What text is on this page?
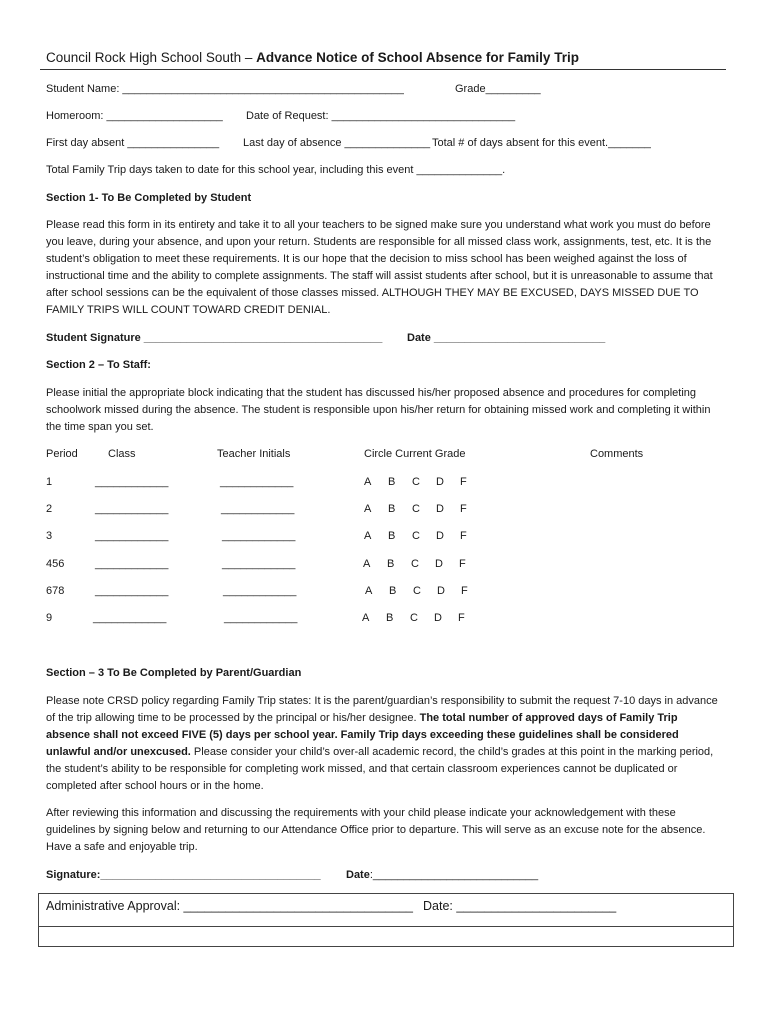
Council Rock High School South – Advance Notice of School Absence for Family Trip
Student Name: ______________________________________________	Grade_________
Homeroom: ___________________ Date of Request: ______________________________
First day absent _______________ Last day of absence ______________ Total # of days absent for this event._______
Total Family Trip days taken to date for this school year, including this event ______________.
Section 1- To Be Completed by Student
Please read this form in its entirety and take it to all your teachers to be signed make sure you understand what work you must do before you leave, during your absence, and upon your return. Students are responsible for all missed class work, assignments, test, etc. It is the student’s obligation to meet these requirements. It is our hope that the decision to miss school has been weighed against the loss of instructional time and the ability to complete assignments. The staff will assist students after school, but it is unreasonable to assume that after school sessions can be the equivalent of those classes missed. ALTHOUGH THEY MAY BE EXCUSED, DAYS MISSED DUE TO FAMILY TRIPS WILL COUNT TOWARD CREDIT DENIAL.
Student Signature _______________________________________ Date ____________________________
Section 2 – To Staff:
Please initial the appropriate block indicating that the student has discussed his/her proposed absence and procedures for completing schoolwork missed during the absence. The student is responsible upon his/her return for obtaining missed work and completing it within the time span you set.
Period	Class	Teacher Initials	Circle Current Grade	Comments
1	____________	____________	A B C D F
2	____________	____________	A B C D F
3	____________	____________	A B C D F
456	____________	____________	A B C D F
678	____________	____________	A B C D F
9	____________	____________	A B C D F
Section – 3 To Be Completed by Parent/Guardian
Please note CRSD policy regarding Family Trip states: It is the parent/guardian’s responsibility to submit the request 7-10 days in advance of the trip allowing time to be processed by the principal or his/her designee. The total number of approved days of Family Trip absence shall not exceed FIVE (5) days per school year. Family Trip days exceeding these guidelines shall be considered unlawful and/or unexcused. Please consider your child’s over-all academic record, the child’s grades at this point in the marking period, the student’s ability to be responsible for completing work missed, and that certain classroom experiences cannot be duplicated or completed after school hours or in the home.
After reviewing this information and discussing the requirements with your child please indicate your acknowledgement with these guidelines by signing below and returning to our Attendance Office prior to departure. This will serve as an excuse note for the absence. Have a safe and enjoyable trip.
Signature:____________________________________ Date:___________________________
Administrative Approval: _________________________________ Date: _______________________
